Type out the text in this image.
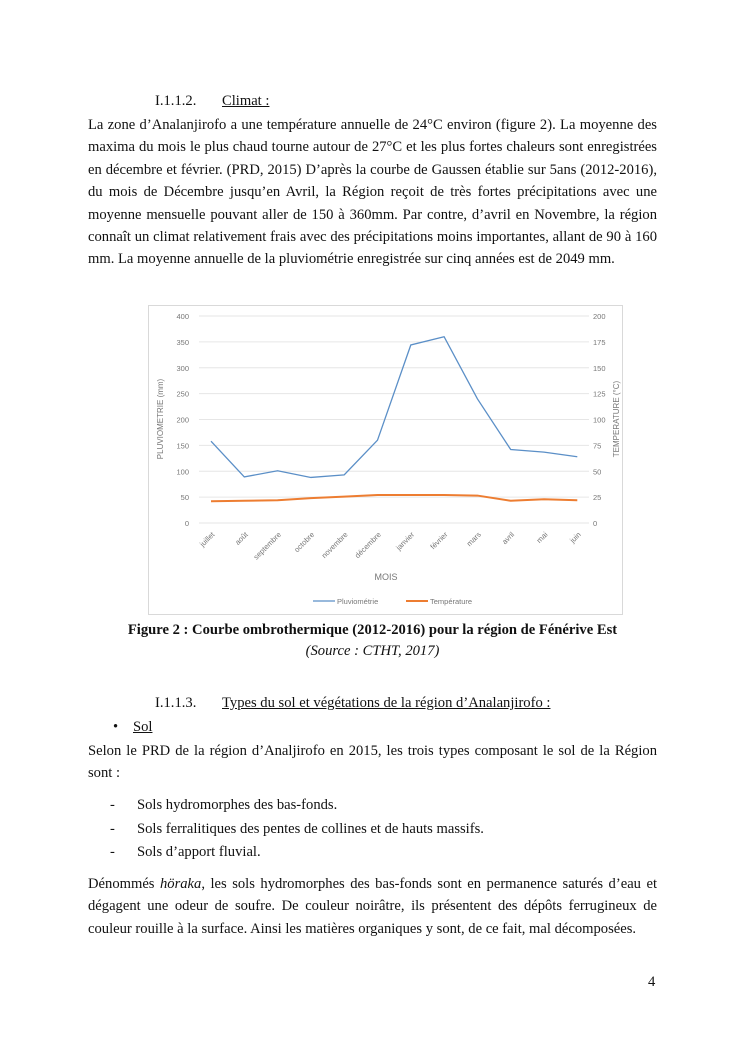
I.1.1.2. Climat :
La zone d’Analanjirofo a une température annuelle de 24°C environ (figure 2). La moyenne des maxima du mois le plus chaud tourne autour de 27°C et les plus fortes chaleurs sont enregistrées en décembre et février. (PRD, 2015) D’après la courbe de Gaussen établie sur 5ans (2012-2016), du mois de Décembre jusqu’en Avril, la Région reçoit de très fortes précipitations avec une moyenne mensuelle pouvant aller de 150 à 360mm. Par contre, d’avril en Novembre, la région connaît un climat relativement frais avec des précipitations moins importantes, allant de 90 à 160 mm. La moyenne annuelle de la pluviométrie enregistrée sur cinq années est de 2049 mm.
0	0
50	25
100	50
150	75
200	100
250	125
300	150
350	175
400	200
juillet août septembre octobre novembre décembre janvier février mars avril mai juin
MOIS
PLUVIOMETRIE (mm)	TEMPERATURE (°C)
Pluviométrie	Température
Figure 2 : Courbe ombrothermique (2012-2016) pour la région de Fénérive Est
(Source : CTHT, 2017)
I.1.1.3. Types du sol et végétations de la région d’Analanjirofo :
• Sol
Selon le PRD de la région d’Analjirofo en 2015, les trois types composant le sol de la Région sont :
- Sols hydromorphes des bas-fonds.
- Sols ferralitiques des pentes de collines et de hauts massifs.
- Sols d’apport fluvial.
Dénommés höraka, les sols hydromorphes des bas-fonds sont en permanence saturés d’eau et dégagent une odeur de soufre. De couleur noirâtre, ils présentent des dépôts ferrugineux de couleur rouille à la surface. Ainsi les matières organiques y sont, de ce fait, mal décomposées.
4
